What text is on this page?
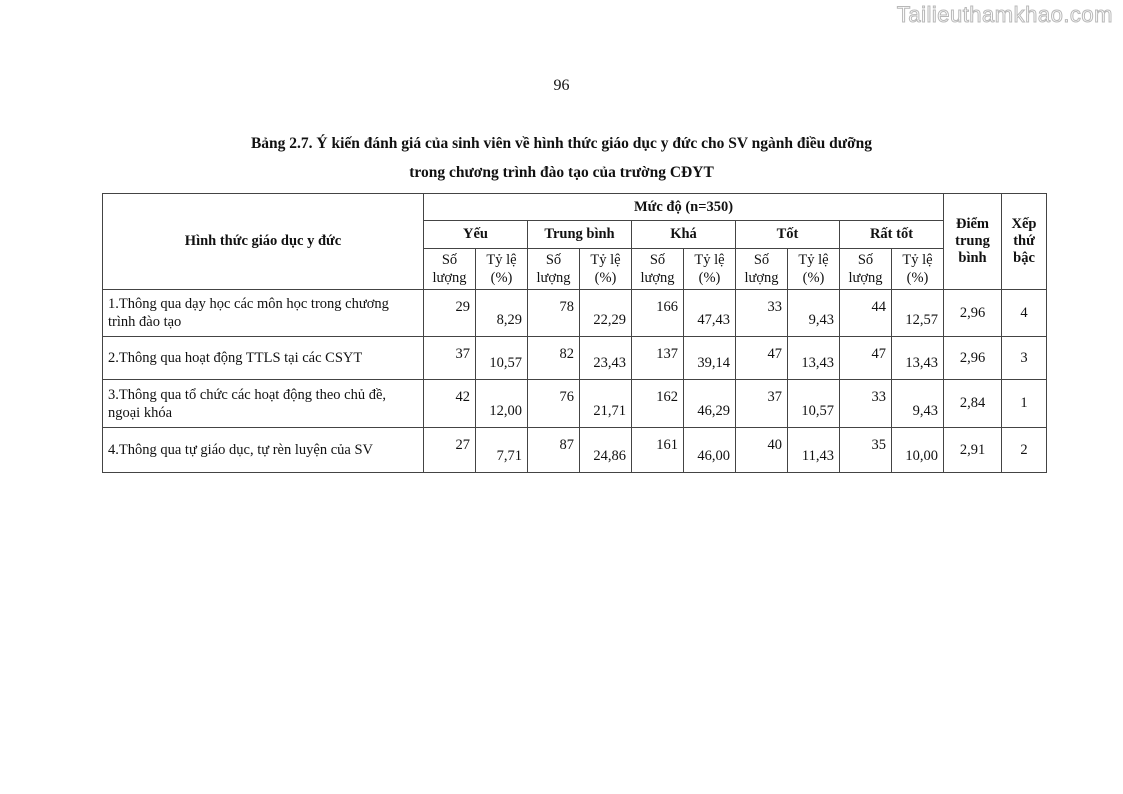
Tailieuthamkhao.com
96
Bảng 2.7. Ý kiến đánh giá của sinh viên về hình thức giáo dục y đức cho SV ngành điều dưỡng
trong chương trình đào tạo của trường CĐYT
Hình thức giáo dục y đức	Mức độ (n=350)										Điểm trung bình	Xếp thứ bậc
	Yếu		Trung bình		Khá		Tốt		Rất tốt			
	Số lượng	Tỷ lệ (%)	Số lượng	Tỷ lệ (%)	Số lượng	Tỷ lệ (%)	Số lượng	Tỷ lệ (%)	Số lượng	Tỷ lệ (%)		
1.Thông qua dạy học các môn học trong chương trình đào tạo	29	8,29	78	22,29	166	47,43	33	9,43	44	12,57	2,96	4
2.Thông qua hoạt động TTLS tại các CSYT	37	10,57	82	23,43	137	39,14	47	13,43	47	13,43	2,96	3
3.Thông qua tổ chức các hoạt động theo chủ đề, ngoại khóa	42	12,00	76	21,71	162	46,29	37	10,57	33	9,43	2,84	1
4.Thông qua tự giáo dục, tự rèn luyện của SV	27	7,71	87	24,86	161	46,00	40	11,43	35	10,00	2,91	2
